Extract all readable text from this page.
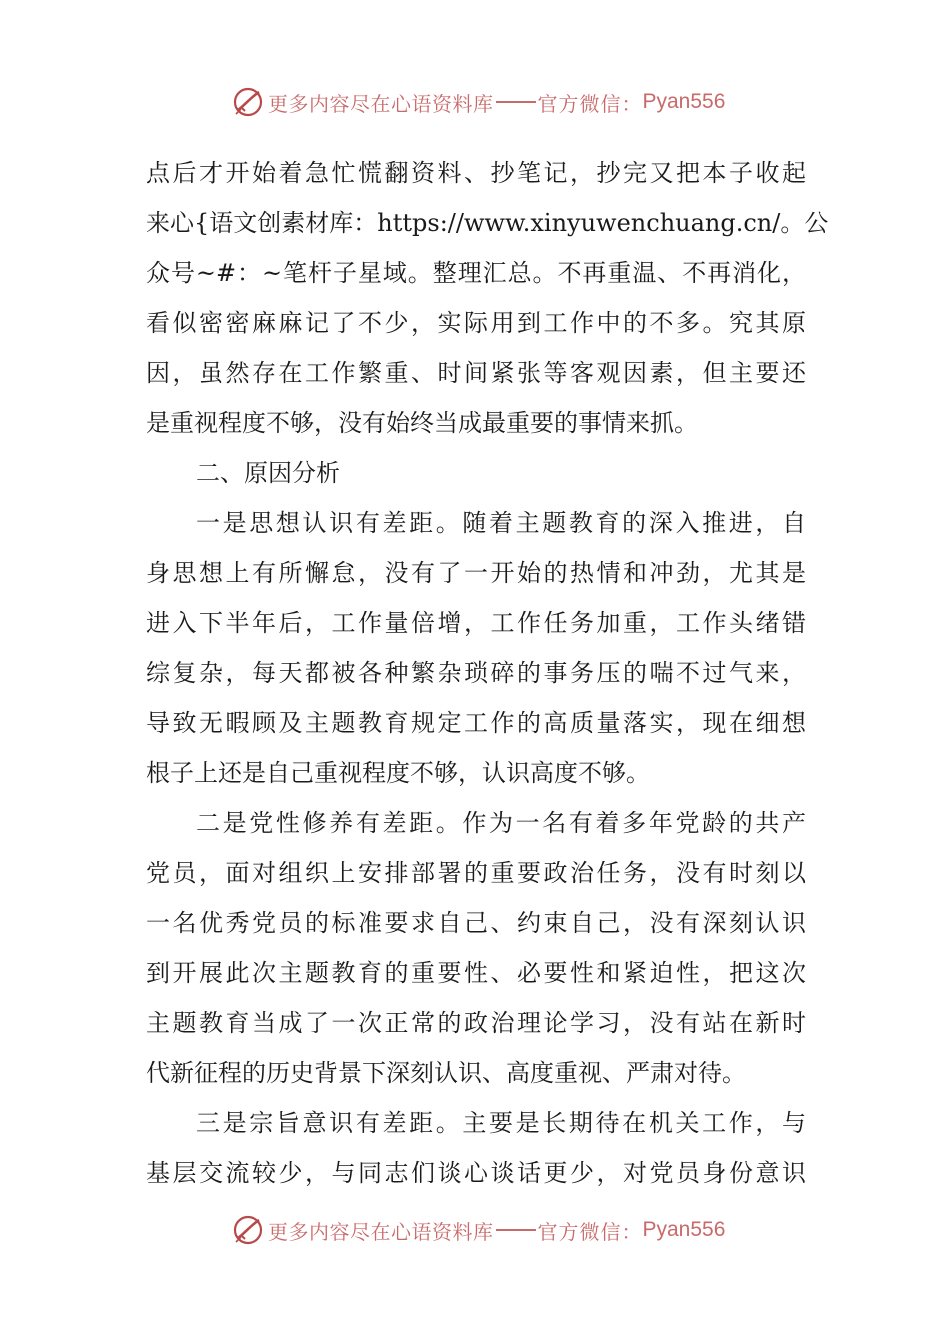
更多内容尽在心语资料库 官方微信： Pyan556
点后才开始着急忙慌翻资料、抄笔记，抄完又把本子收起
来心{语文创素材库：https://www.xinyuwenchuang.cn/。公
众号~#：~笔杆子星域。整理汇总。不再重温、不再消化，
看似密密麻麻记了不少，实际用到工作中的不多。究其原
因，虽然存在工作繁重、时间紧张等客观因素，但主要还
是重视程度不够，没有始终当成最重要的事情来抓。
二、原因分析
一是思想认识有差距。随着主题教育的深入推进，自
身思想上有所懈怠，没有了一开始的热情和冲劲，尤其是
进入下半年后，工作量倍增，工作任务加重，工作头绪错
综复杂，每天都被各种繁杂琐碎的事务压的喘不过气来，
导致无暇顾及主题教育规定工作的高质量落实，现在细想
根子上还是自己重视程度不够，认识高度不够。
二是党性修养有差距。作为一名有着多年党龄的共产
党员，面对组织上安排部署的重要政治任务，没有时刻以
一名优秀党员的标准要求自己、约束自己，没有深刻认识
到开展此次主题教育的重要性、必要性和紧迫性，把这次
主题教育当成了一次正常的政治理论学习，没有站在新时
代新征程的历史背景下深刻认识、高度重视、严肃对待。
三是宗旨意识有差距。主要是长期待在机关工作，与
基层交流较少，与同志们谈心谈话更少，对党员身份意识
更多内容尽在心语资料库 官方微信： Pyan556
